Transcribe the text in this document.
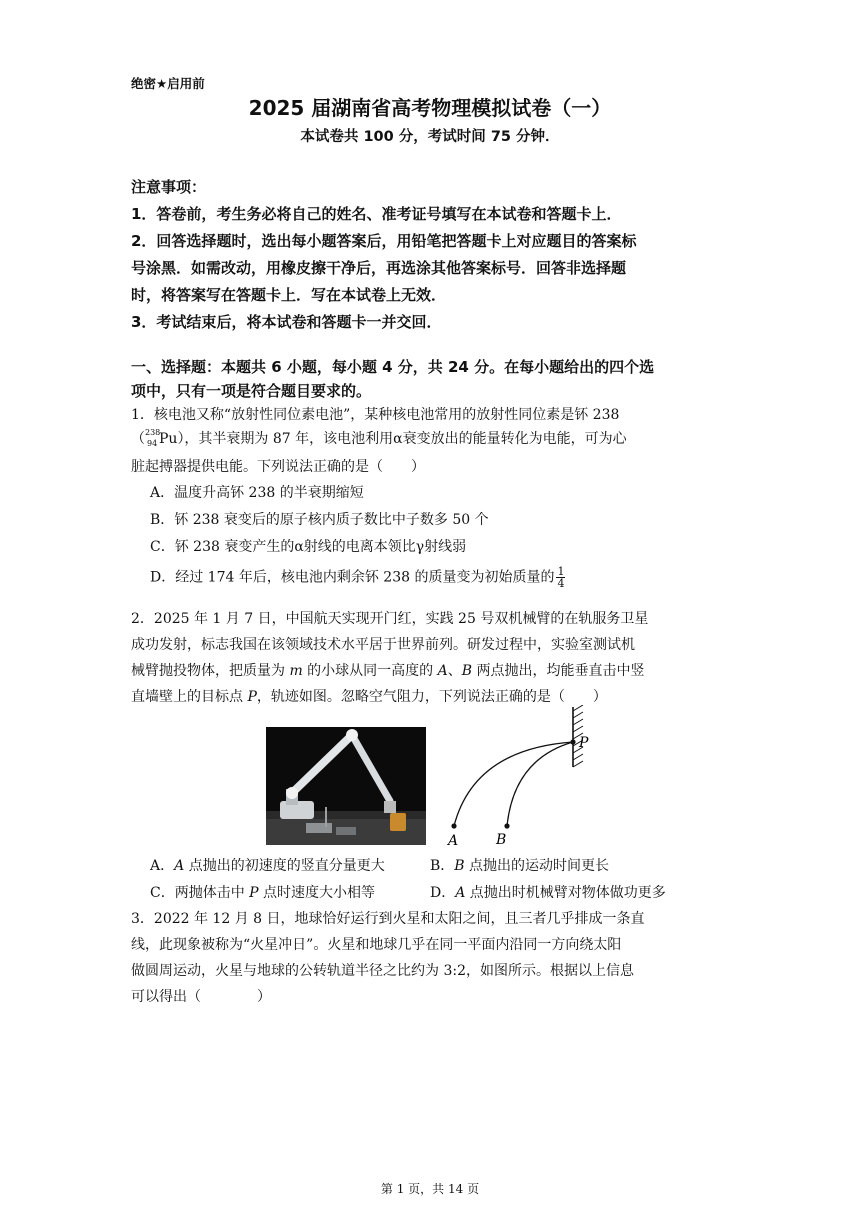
绝密★启用前
2025 届湖南省高考物理模拟试卷（一）
本试卷共 100 分，考试时间 75 分钟．
注意事项：
1．答卷前，考生务必将自己的姓名、准考证号填写在本试卷和答题卡上．
2．回答选择题时，选出每小题答案后，用铅笔把答题卡上对应题目的答案标
号涂黑．如需改动，用橡皮擦干净后，再选涂其他答案标号．回答非选择题
时，将答案写在答题卡上．写在本试卷上无效．
3．考试结束后，将本试卷和答题卡一并交回．
一、选择题：本题共 6 小题，每小题 4 分，共 24 分。在每小题给出的四个选
项中，只有一项是符合题目要求的。
1．核电池又称“放射性同位素电池”，某种核电池常用的放射性同位素是钚 238
（ 238
94 Pu），其半衰期为 87 年，该电池利用α衰变放出的能量转化为电能，可为心
脏起搏器提供电能。下列说法正确的是（　　）
A．温度升高钚 238 的半衰期缩短
B．钚 238 衰变后的原子核内质子数比中子数多 50 个
C．钚 238 衰变产生的α射线的电离本领比γ射线弱
D．经过 174 年后，核电池内剩余钚 238 的质量变为初始质量的 $\frac{1}{4}$
2．2025 年 1 月 7 日，中国航天实现开门红，实践 25 号双机械臂的在轨服务卫星
成功发射，标志我国在该领域技术水平居于世界前列。研发过程中，实验室测试机
械臂抛投物体，把质量为 m 的小球从同一高度的 A、B 两点抛出，均能垂直击中竖
直墙壁上的目标点 P，轨迹如图。忽略空气阻力，下列说法正确的是（　　）
P
A	B
A．A 点抛出的初速度的竖直分量更大	B．B 点抛出的运动时间更长
C．两抛体击中 P 点时速度大小相等	D．A 点抛出时机械臂对物体做功更多
3．2022 年 12 月 8 日，地球恰好运行到火星和太阳之间，且三者几乎排成一条直
线，此现象被称为“火星冲日”。火星和地球几乎在同一平面内沿同一方向绕太阳
做圆周运动，火星与地球的公转轨道半径之比约为 3:2，如图所示。根据以上信息
可以得出（　　　　）
第 1 页，共 14 页
